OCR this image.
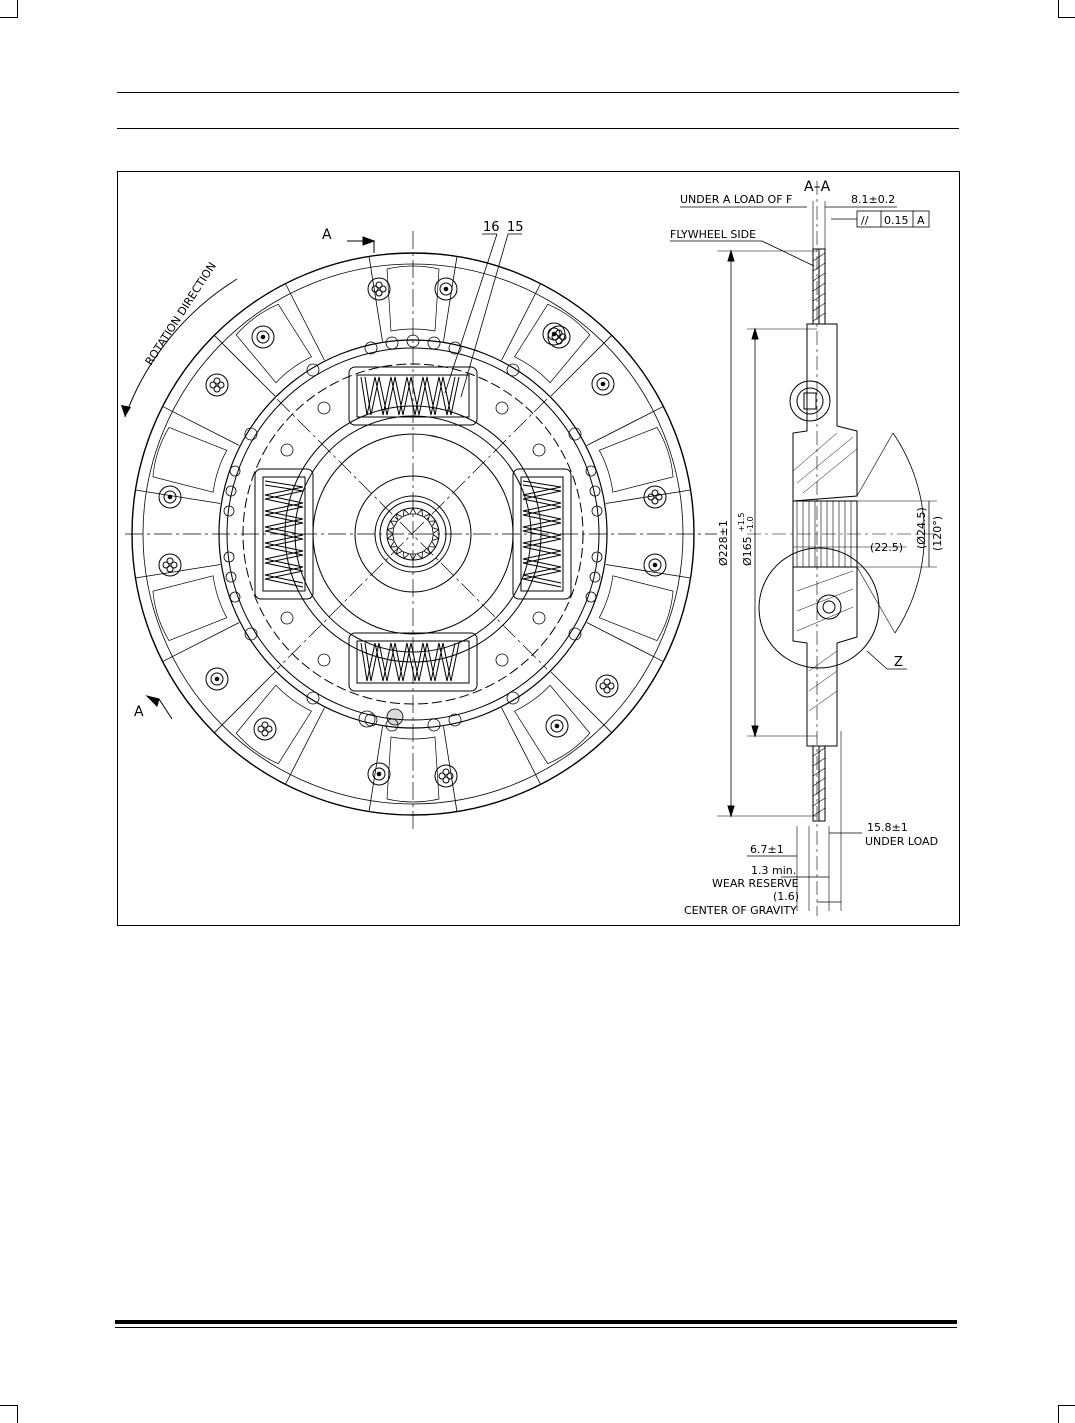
A
A
ROTATION DIRECTION
16 15
A–A
UNDER A LOAD OF F	8.1±0.2
// 0.15 A
FLYWHEEL SIDE
Ø228±1 Ø165
+1.5 -1.0	(Ø24.5)
(22.5)	(120°)
Z
15.8±1
UNDER LOAD
6.7±1
1.3 min.
WEAR RESERVE
(1.6)
CENTER OF GRAVITY
